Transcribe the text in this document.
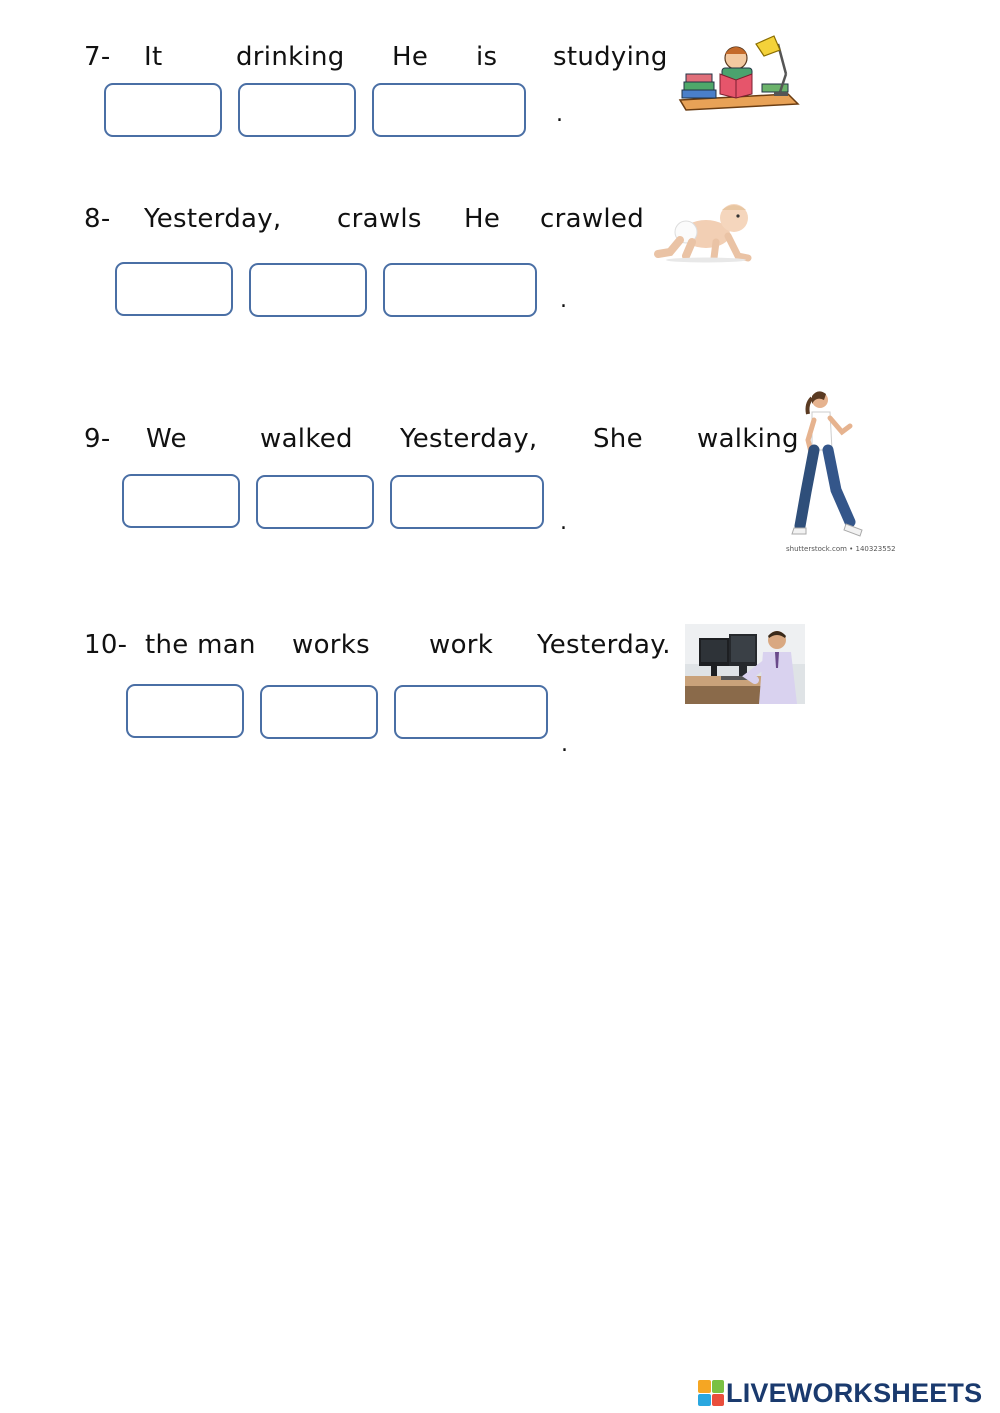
7- It	drinking He is studying
.
8- Yesterday, crawls He crawled
.
9- We	walked Yesterday, She walking
.
shutterstock.com • 140323552
10- the man works work Yesterday.
.
LIVEWORKSHEETS
